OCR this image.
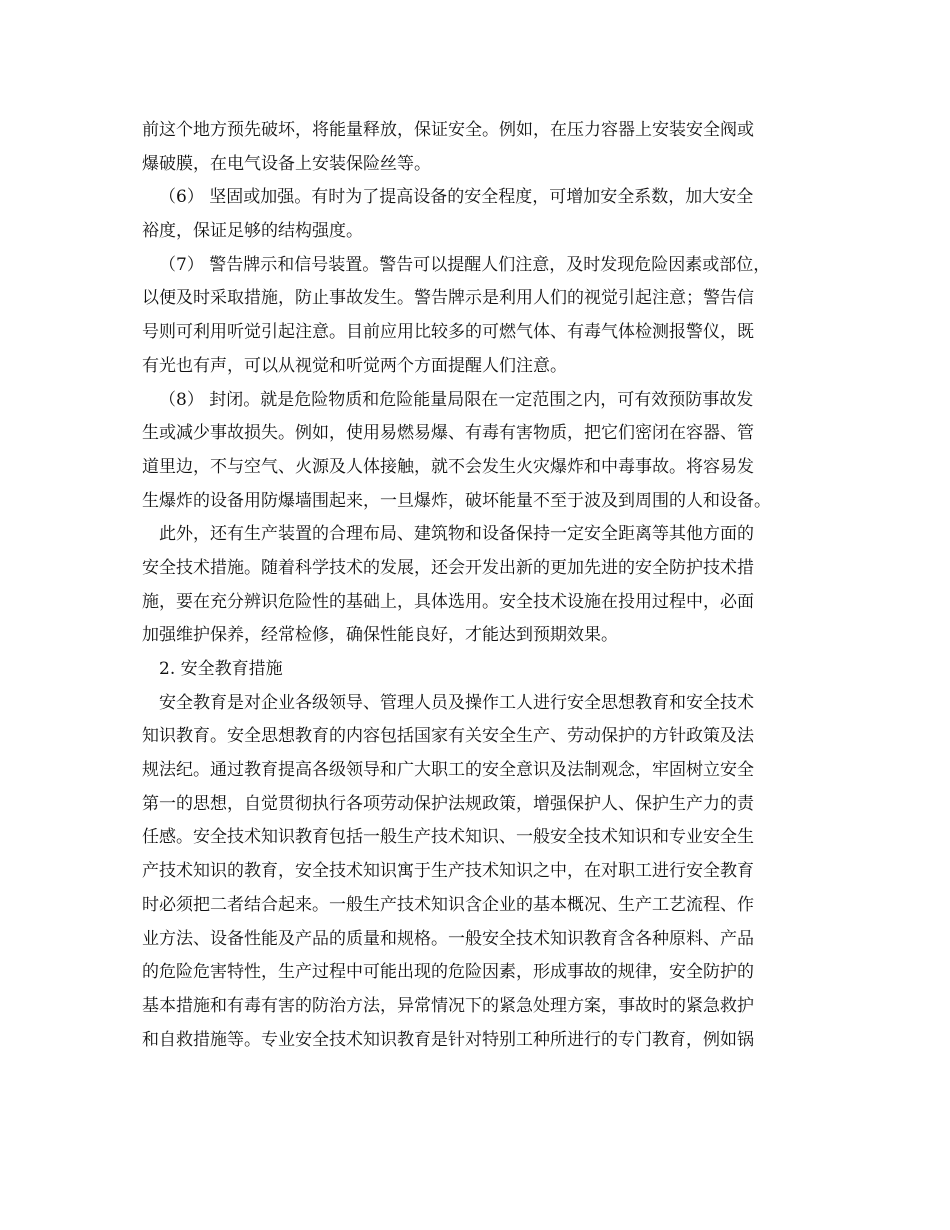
前这个地方预先破坏，将能量释放，保证安全。例如，在压力容器上安装安全阀或
爆破膜，在电气设备上安装保险丝等。
（6） 坚固或加强。有时为了提高设备的安全程度，可增加安全系数，加大安全
裕度，保证足够的结构强度。
（7） 警告牌示和信号装置。警告可以提醒人们注意，及时发现危险因素或部位，
以便及时采取措施，防止事故发生。警告牌示是利用人们的视觉引起注意；警告信
号则可利用听觉引起注意。目前应用比较多的可燃气体、有毒气体检测报警仪，既
有光也有声，可以从视觉和听觉两个方面提醒人们注意。
（8） 封闭。就是危险物质和危险能量局限在一定范围之内，可有效预防事故发
生或减少事故损失。例如，使用易燃易爆、有毒有害物质，把它们密闭在容器、管
道里边，不与空气、火源及人体接触，就不会发生火灾爆炸和中毒事故。将容易发
生爆炸的设备用防爆墙围起来，一旦爆炸，破坏能量不至于波及到周围的人和设备。
此外，还有生产装置的合理布局、建筑物和设备保持一定安全距离等其他方面的
安全技术措施。随着科学技术的发展，还会开发出新的更加先进的安全防护技术措
施，要在充分辨识危险性的基础上，具体选用。安全技术设施在投用过程中，必面
加强维护保养，经常检修，确保性能良好，才能达到预期效果。
2. 安全教育措施
安全教育是对企业各级领导、管理人员及操作工人进行安全思想教育和安全技术
知识教育。安全思想教育的内容包括国家有关安全生产、劳动保护的方针政策及法
规法纪。通过教育提高各级领导和广大职工的安全意识及法制观念，牢固树立安全
第一的思想，自觉贯彻执行各项劳动保护法规政策，增强保护人、保护生产力的责
任感。安全技术知识教育包括一般生产技术知识、一般安全技术知识和专业安全生
产技术知识的教育，安全技术知识寓于生产技术知识之中，在对职工进行安全教育
时必须把二者结合起来。一般生产技术知识含企业的基本概况、生产工艺流程、作
业方法、设备性能及产品的质量和规格。一般安全技术知识教育含各种原料、产品
的危险危害特性，生产过程中可能出现的危险因素，形成事故的规律，安全防护的
基本措施和有毒有害的防治方法，异常情况下的紧急处理方案，事故时的紧急救护
和自救措施等。专业安全技术知识教育是针对特别工种所进行的专门教育，例如锅
